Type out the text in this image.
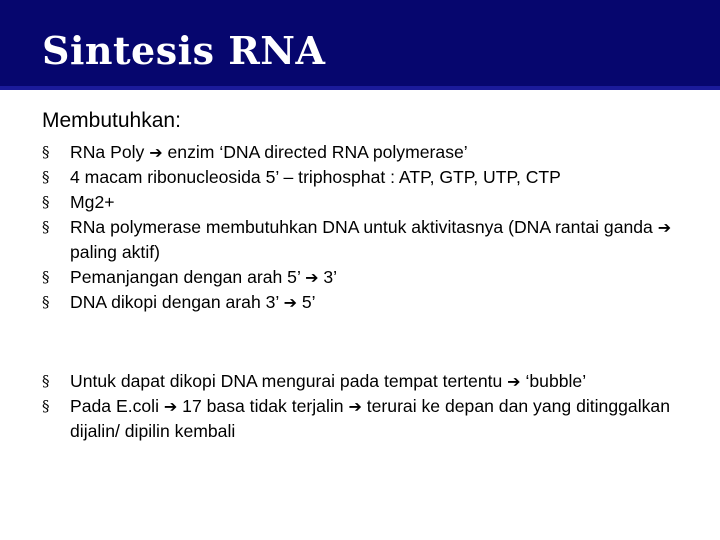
Sintesis RNA

Membutuhkan:

§ RNa Poly ➔ enzim ‘DNA directed RNA polymerase’
§ 4 macam ribonucleosida 5’ – triphosphat : ATP, GTP, UTP, CTP
§ Mg2+
§ RNa polymerase membutuhkan DNA untuk aktivitasnya (DNA rantai ganda ➔ paling aktif)
§ Pemanjangan dengan arah 5’ ➔ 3’
§ DNA dikopi dengan arah 3’ ➔ 5’
§ Untuk dapat dikopi DNA mengurai pada tempat tertentu ➔ ‘bubble’
§ Pada E.coli ➔ 17 basa tidak terjalin ➔ terurai ke depan dan yang ditinggalkan dijalin/ dipilin kembali
